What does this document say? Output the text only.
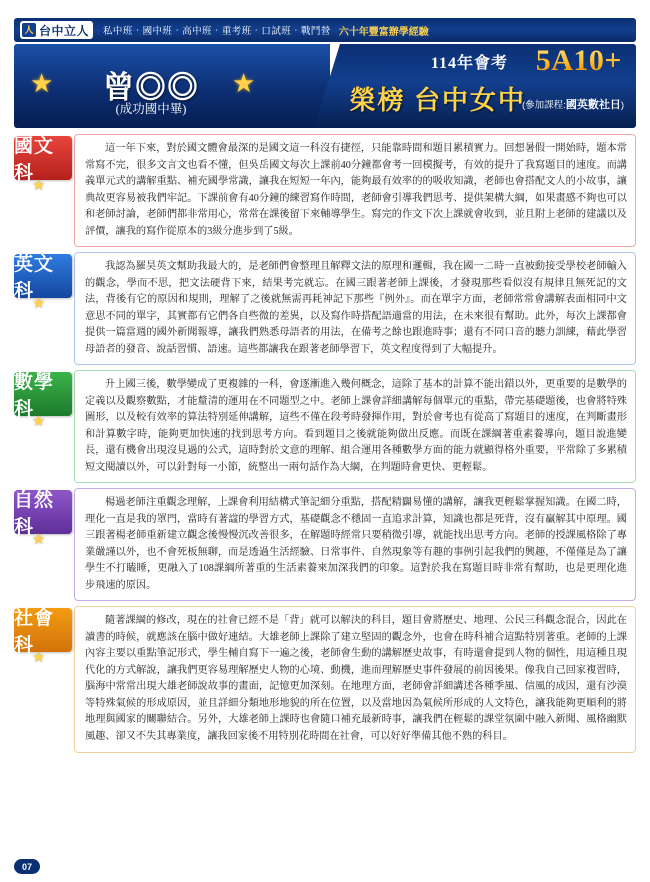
人 台中立人 私中班‧國中班‧高中班‧重考班‧口試班‧戰鬥營 六十年豐富辦學經驗
★	★
曾◎◎
(成功國中畢)
114年會考 5A10+
榮榜 台中女中
(參加課程:國英數社日)
國文科
★
這一年下來，對於國文體會最深的是國文這一科沒有捷徑，只能靠時間和題目累積實力。回想暑假一開始時，題本常常寫不完，很多文言文也看不懂，但吳岳國文每次上課前40分鐘都會考一回模擬考，有效的提升了我寫題目的速度。而講義單元式的講解重點、補充國學常識，讓我在短短一年內，能夠最有效率的的吸收知識，老師也會搭配文人的小故事，讓典故更容易被我們牢記。下課前會有40分鐘的練習寫作時間，老師會引導我們思考、提供架構大綱，如果畫感不夠也可以和老師討論，老師們都非常用心，常常在課後留下來輔導學生。寫完的作文下次上課就會收到，並且附上老師的建議以及評價，讓我的寫作從原本的3級分進步到了5級。
英文科
★
我認為羅昊英文幫助我最大的，是老師們會整理且解釋文法的原理和邏輯，我在國一二時一直被動接受學校老師輸入的觀念，學而不思，把文法硬背下來，結果考完就忘。在國三跟著老師上課後，才發現那些看似沒有規律且無死記的文法，背後有它的原因和規則，理解了之後就無需再耗神記下那些『例外』。而在單字方面，老師常常會講解表面相同中文意思不同的單字，其實都有它們各自些微的差異，以及寫作時搭配語適當的用法，在未來很有幫助。此外，每次上課都會提供一篇當週的國外新聞報導，讓我們熟悉母語者的用法，在備考之餘也跟進時事；還有不同口音的聽力訓練，藉此學習母語者的發音、說話習慣、語速。這些都讓我在跟著老師學習下，英文程度得到了大幅提升。
數學科
★
升上國三後，數學變成了更複雜的一科，會逐漸進入幾何概念，這除了基本的計算不能出錯以外，更重要的是數學的定義以及觀察數點，才能釐清的運用在不同題型之中。老師上課會詳細講解每個單元的重點，帶完基礎題後，也會將特殊圖形，以及較有效率的算法特別延伸講解，這些不僅在段考時發揮作用，對於會考也有從高了寫題目的速度，在判斷畫形和計算數字時，能夠更加快速的找到思考方向。看到題目之後就能夠做出反應。而既在課綱著重素養導向，題目說進變長，還有機會出現沒見過的公式，這時對於文意的理解、組合運用各種數學方面的能力就顯得格外重要，平常除了多累積短文閱讀以外，可以針對每一小節，統整出一兩句話作為大綱，在判題時會更快、更輕鬆。
自然科
★
楊過老師注重觀念理解，上課會利用結構式筆記細分重點，搭配精闢易懂的講解，讓我更輕鬆掌握知識。在國二時，理化一直是我的罩門，當時有著諡的學習方式，基礎觀念不穩固一直追求計算，知識也都是死背，沒有贏解其中原理。國三跟著楊老師重新建立觀念後慢慢沉改善很多，在解題時經常只要稍微引導，就能找出思考方向。老師的授課風格除了專業嚴謹以外，也不會死板無聊，而是透過生活經驗、日常事件、自然現象等有趣的事例引起我們的興趣，不僅僅是為了讓學生不打瞌睡，更融入了108課綱所著重的生活素養來加深我們的印象。這對於我在寫題目時非常有幫助，也是更理化進步飛速的原因。
社會科
★
隨著課綱的修改，現在的社會已經不是「背」就可以解決的科目，題目會將歷史、地理、公民三科觀念混合，因此在讀書的時候，就應該在腦中做好連結。大雄老師上課除了建立堅固的觀念外，也會在時科補合這點特別著重。老師的上課內容主要以重點筆記形式，學生輔自寫下一遍之後，老師會生動的講解歷史故事，有時還會提到人物的個性，用這種且現代化的方式解說，讓我們更容易理解歷史人物的心境、動機，進而理解歷史事件發展的前因後果。像我自己回家複習時，腦海中常常出現大雄老師說故事的畫面，記憶更加深刻。在地理方面，老師會詳細講述各種季風、信風的成因，還有沙漠等特殊氣候的形成原因，並且詳細分類地形地貌的所在位置，以及當地因為氣候所形成的人文特色，讓我能夠更順利的將地理與國家的關聯結合。另外，大雄老師上課時也會隨口補充最新時事，讓我們在輕鬆的課堂氛圍中融入新聞、風格幽默風趣、卻又不失其專業度，讓我回家後不用特別花時間在社會，可以好好準備其他不熟的科目。
07
